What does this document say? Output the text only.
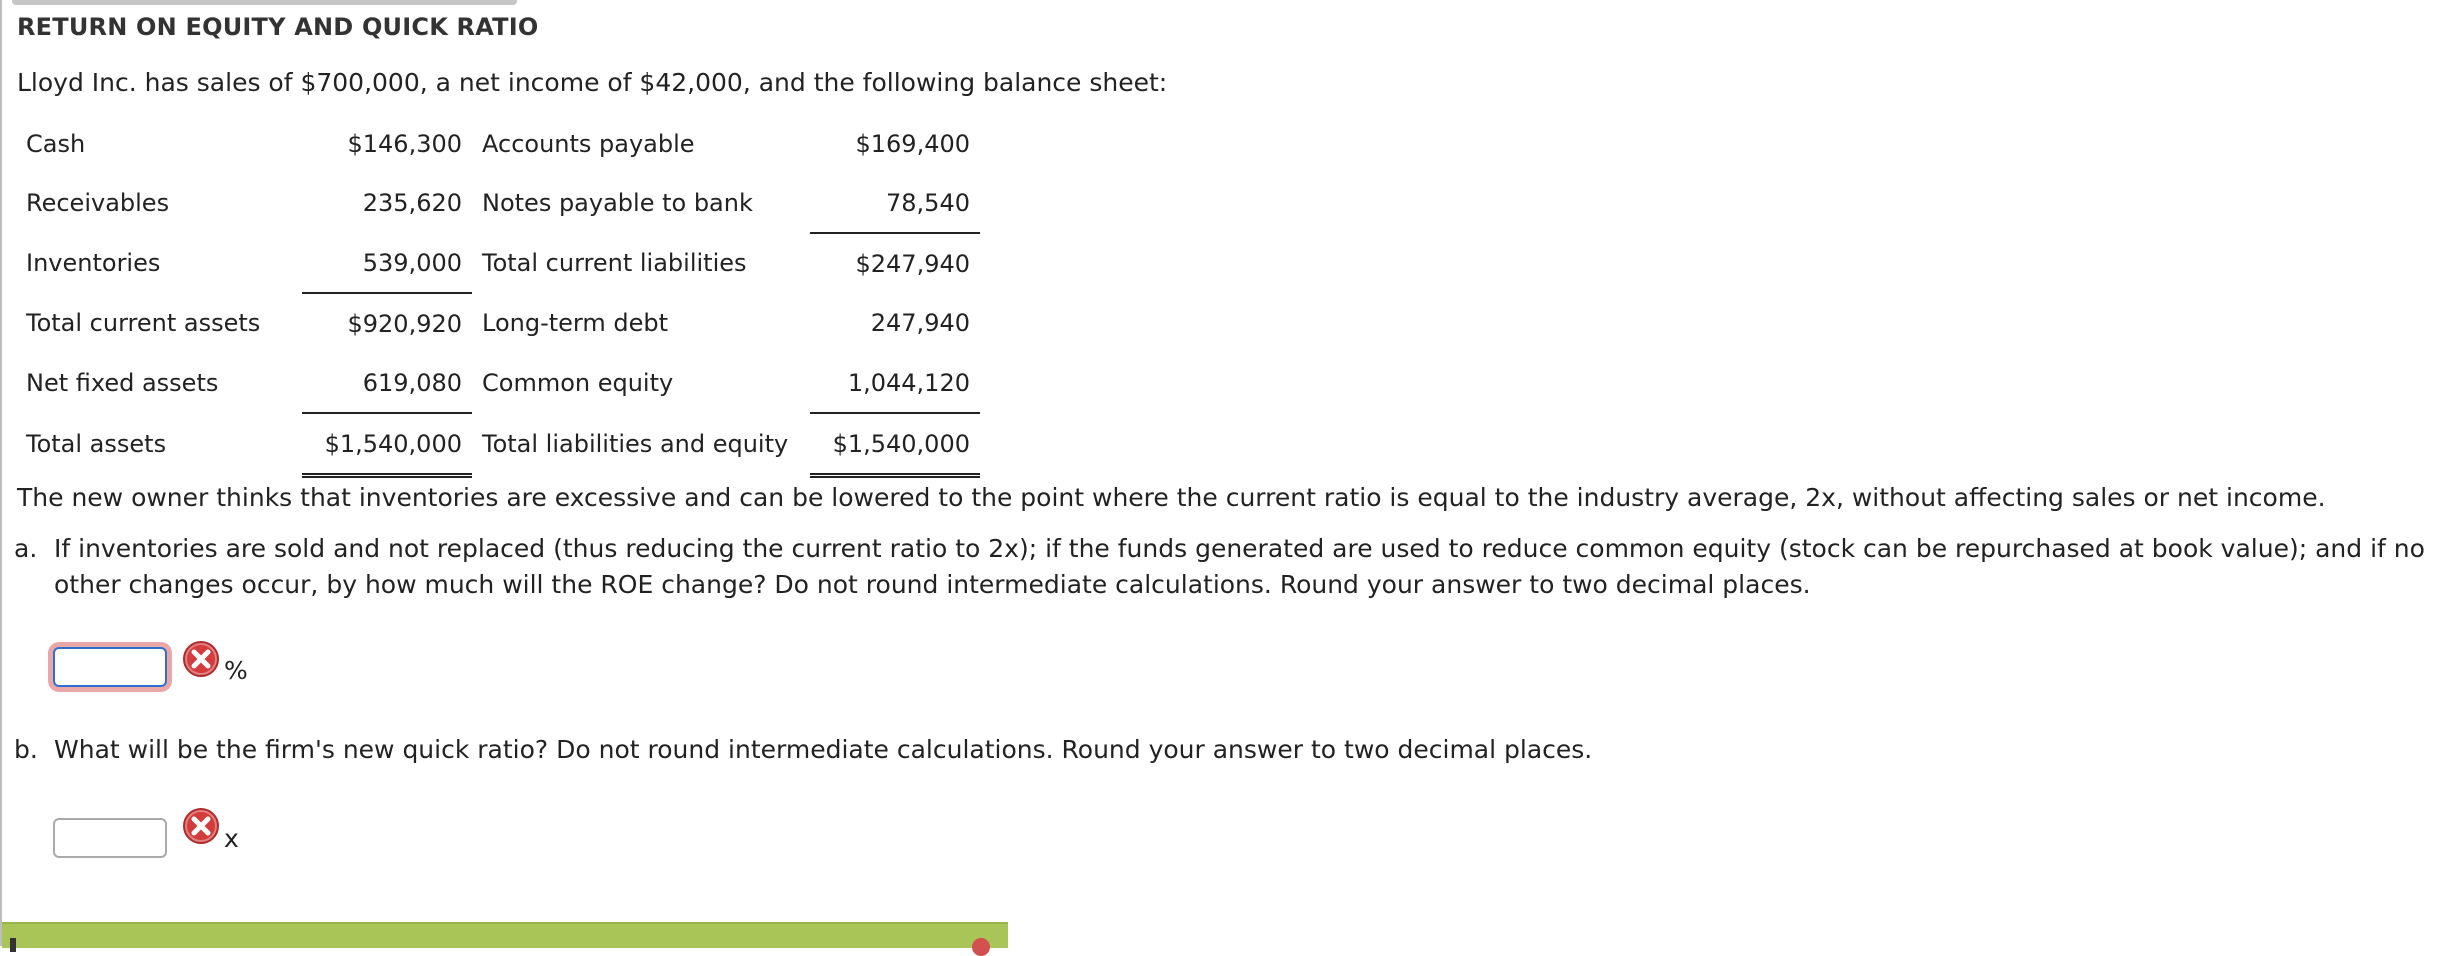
RETURN ON EQUITY AND QUICK RATIO
Lloyd Inc. has sales of $700,000, a net income of $42,000, and the following balance sheet:
Cash	$146,300	Accounts payable	$169,400
Receivables	235,620	Notes payable to bank	78,540
Inventories	539,000	Total current liabilities	$247,940
Total current assets	$920,920	Long-term debt	247,940
Net fixed assets	619,080	Common equity	1,044,120
Total assets	$1,540,000	Total liabilities and equity	$1,540,000
The new owner thinks that inventories are excessive and can be lowered to the point where the current ratio is equal to the industry average, 2x, without affecting sales or net income.
a. If inventories are sold and not replaced (thus reducing the current ratio to 2x); if the funds generated are used to reduce common equity (stock can be repurchased at book value); and if no other changes occur, by how much will the ROE change? Do not round intermediate calculations. Round your answer to two decimal places.
%
b. What will be the firm's new quick ratio? Do not round intermediate calculations. Round your answer to two decimal places.
x
